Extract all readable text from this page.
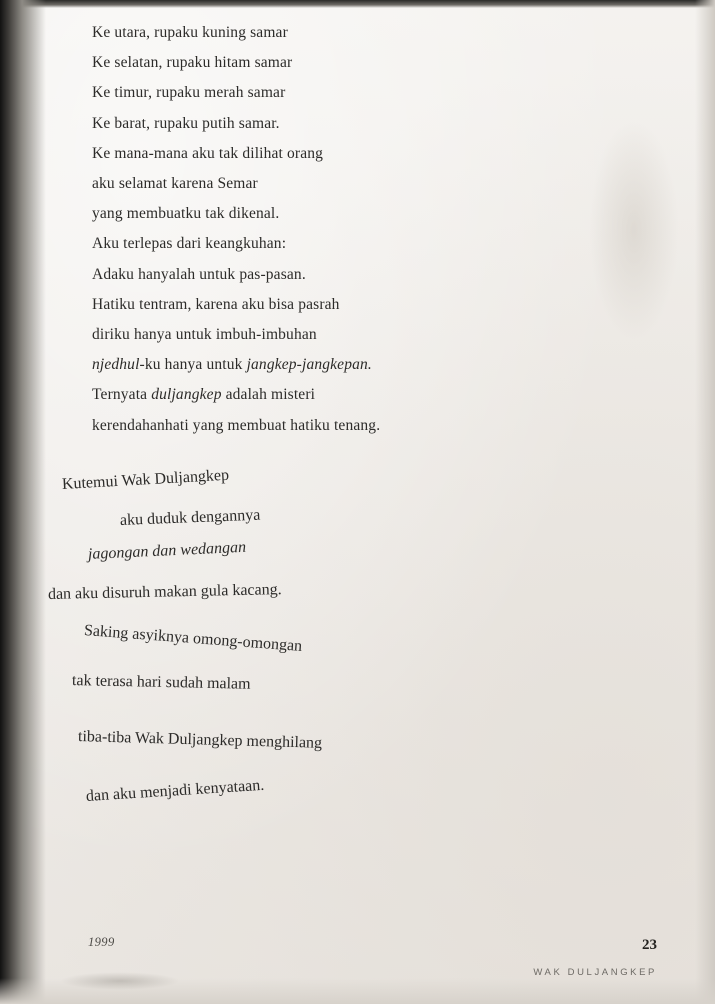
Ke utara, rupaku kuning samar
Ke selatan, rupaku hitam samar
Ke timur, rupaku merah samar
Ke barat, rupaku putih samar.
Ke mana-mana aku tak dilihat orang
aku selamat karena Semar
yang membuatku tak dikenal.
Aku terlepas dari keangkuhan:
Adaku hanyalah untuk pas-pasan.
Hatiku tentram, karena aku bisa pasrah
diriku hanya untuk imbuh-imbuhan
njedhul-ku hanya untuk jangkep-jangkepan.
Ternyata duljangkep adalah misteri
kerendahanhati yang membuat hatiku tenang.
Kutemui Wak Duljangkep
aku duduk dengannya
jagongan dan wedangan
dan aku disuruh makan gula kacang.
Saking asyiknya omong-omongan
tak terasa hari sudah malam
tiba-tiba Wak Duljangkep menghilang
dan aku menjadi kenyataan.
1999	23
WAK DULJANGKEP
